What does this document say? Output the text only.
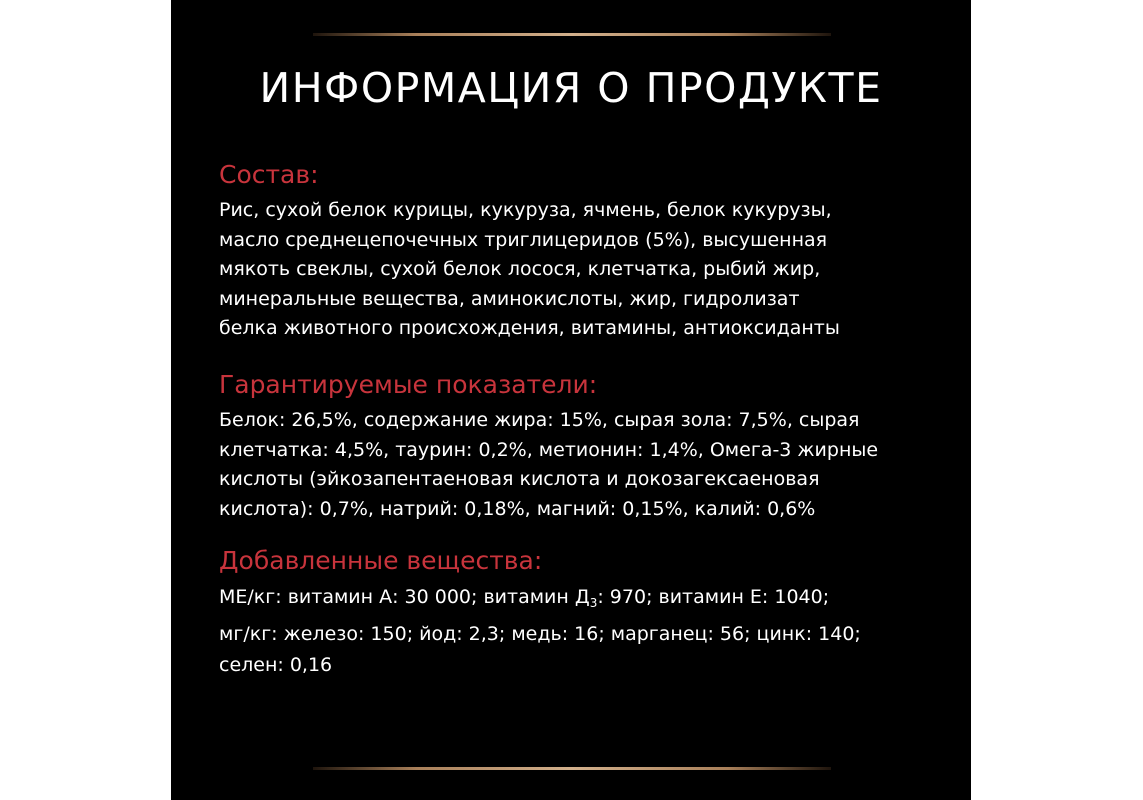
ИНФОРМАЦИЯ О ПРОДУКТЕ
Состав:
Рис, сухой белок курицы, кукуруза, ячмень, белок кукурузы,
масло среднецепочечных триглицеридов (5%), высушенная
мякоть свеклы, сухой белок лосося, клетчатка, рыбий жир,
минеральные вещества, аминокислоты, жир, гидролизат
белка животного происхождения, витамины, антиоксиданты
Гарантируемые показатели:
Белок: 26,5%, содержание жира: 15%, сырая зола: 7,5%, сырая
клетчатка: 4,5%, таурин: 0,2%, метионин: 1,4%, Омега-3 жирные
кислоты (эйкозапентаеновая кислота и докозагексаеновая
кислота): 0,7%, натрий: 0,18%, магний: 0,15%, калий: 0,6%
Добавленные вещества:
МЕ/кг: витамин А: 30 000; витамин $Д_3$: 970; витамин Е: 1040;
мг/кг: железо: 150; йод: 2,3; медь: 16; марганец: 56; цинк: 140;
селен: 0,16
